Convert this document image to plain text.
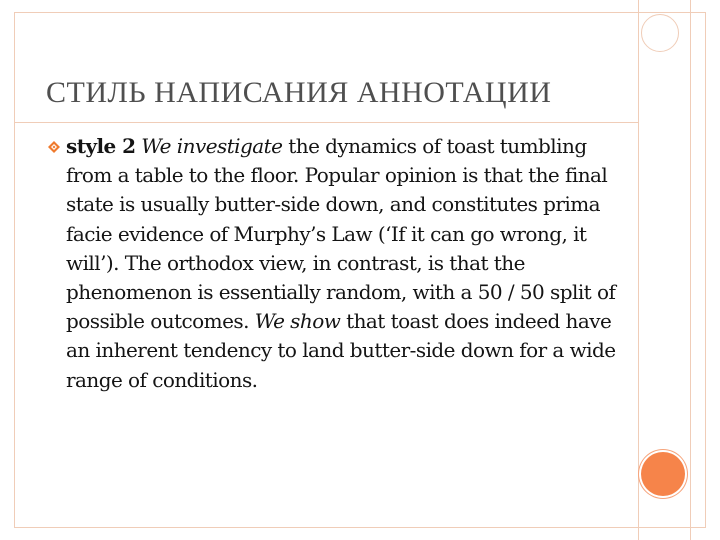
СТИЛЬ НАПИСАНИЯ АННОТАЦИИ

style 2 We investigate the dynamics of toast tumbling from a table to the floor. Popular opinion is that the final state is usually butter-side down, and constitutes prima facie evidence of Murphy’s Law (‘If it can go wrong, it will’). The orthodox view, in contrast, is that the phenomenon is essentially random, with a 50 / 50 split of possible outcomes. We show that toast does indeed have an inherent tendency to land butter-side down for a wide range of conditions.
